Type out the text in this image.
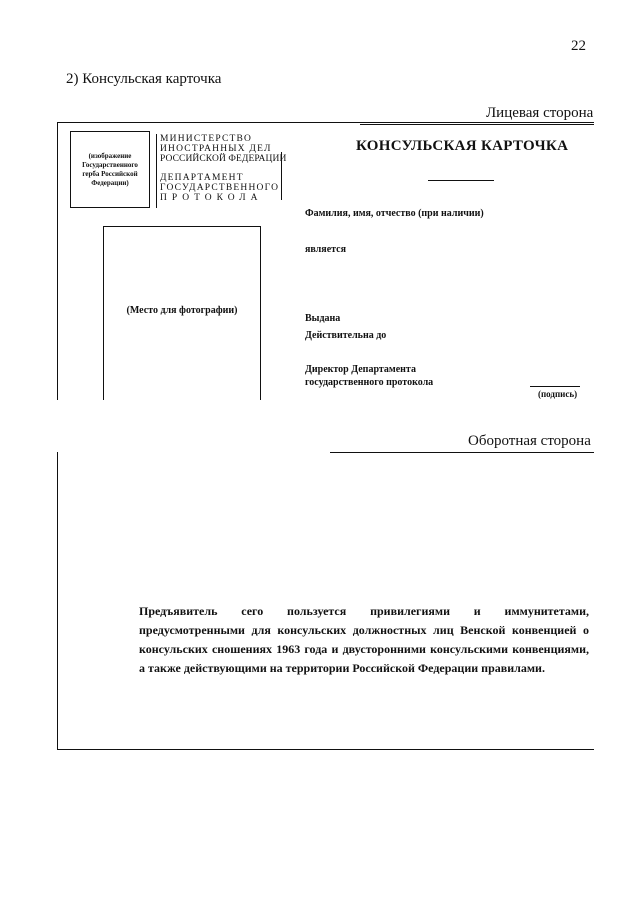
22
2) Консульская карточка
Лицевая сторона
(изображение
Государственного
герба Российской
Федерации)
МИНИСТЕРСТВО
ИНОСТРАННЫХ ДЕЛ
РОССИЙСКОЙ ФЕДЕРАЦИИ
ДЕПАРТАМЕНТ
ГОСУДАРСТВЕННОГО
ПРОТОКОЛА
КОНСУЛЬСКАЯ КАРТОЧКА
(Место для фотографии)
Фамилия, имя, отчество (при наличии)
является
Выдана
Действительна до
Директор Департамента
государственного протокола
(подпись)
Оборотная сторона
Предъявитель сего пользуется привилегиями и иммунитетами, предусмотренными для консульских должностных лиц Венской конвенцией о консульских сношениях 1963 года и двусторонними консульскими конвенциями, а также действующими на территории Российской Федерации правилами.
